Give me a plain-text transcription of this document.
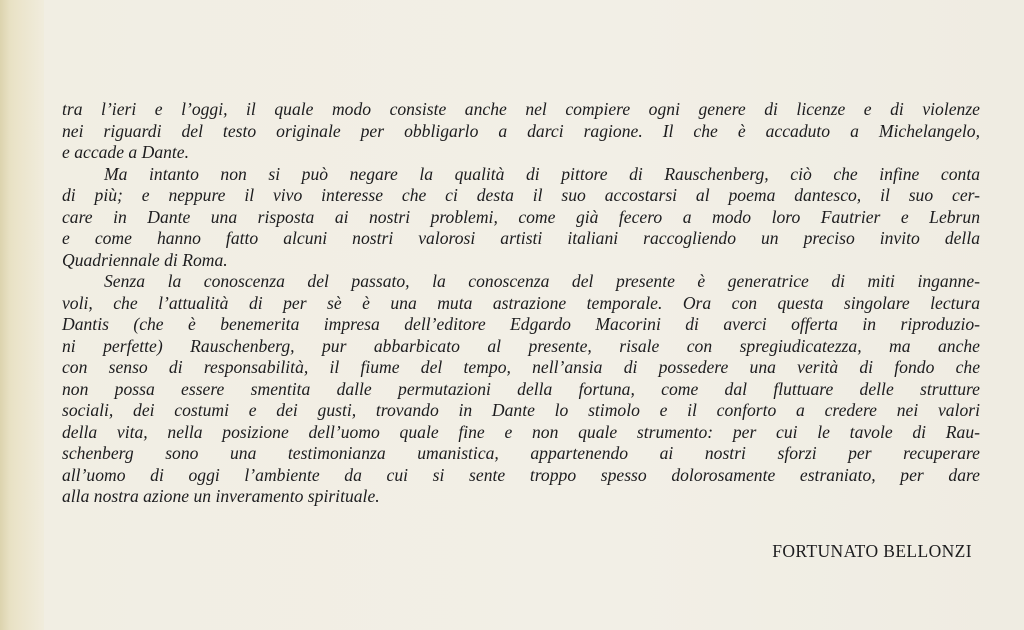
tra l’ieri e l’oggi, il quale modo consiste anche nel compiere ogni genere di licenze e di violenze
nei riguardi del testo originale per obbligarlo a darci ragione. Il che è accaduto a Michelangelo,
e accade a Dante.
Ma intanto non si può negare la qualità di pittore di Rauschenberg, ciò che infine conta
di più; e neppure il vivo interesse che ci desta il suo accostarsi al poema dantesco, il suo cer-
care in Dante una risposta ai nostri problemi, come già fecero a modo loro Fautrier e Lebrun
e come hanno fatto alcuni nostri valorosi artisti italiani raccogliendo un preciso invito della
Quadriennale di Roma.
Senza la conoscenza del passato, la conoscenza del presente è generatrice di miti inganne-
voli, che l’attualità di per sè è una muta astrazione temporale. Ora con questa singolare lectura
Dantis (che è benemerita impresa dell’editore Edgardo Macorini di averci offerta in riproduzio-
ni perfette) Rauschenberg, pur abbarbicato al presente, risale con spregiudicatezza, ma anche
con senso di responsabilità, il fiume del tempo, nell’ansia di possedere una verità di fondo che
non possa essere smentita dalle permutazioni della fortuna, come dal fluttuare delle strutture
sociali, dei costumi e dei gusti, trovando in Dante lo stimolo e il conforto a credere nei valori
della vita, nella posizione dell’uomo quale fine e non quale strumento: per cui le tavole di Rau-
schenberg sono una testimonianza umanistica, appartenendo ai nostri sforzi per recuperare
all’uomo di oggi l’ambiente da cui si sente troppo spesso dolorosamente estraniato, per dare
alla nostra azione un inveramento spirituale.
FORTUNATO BELLONZI
